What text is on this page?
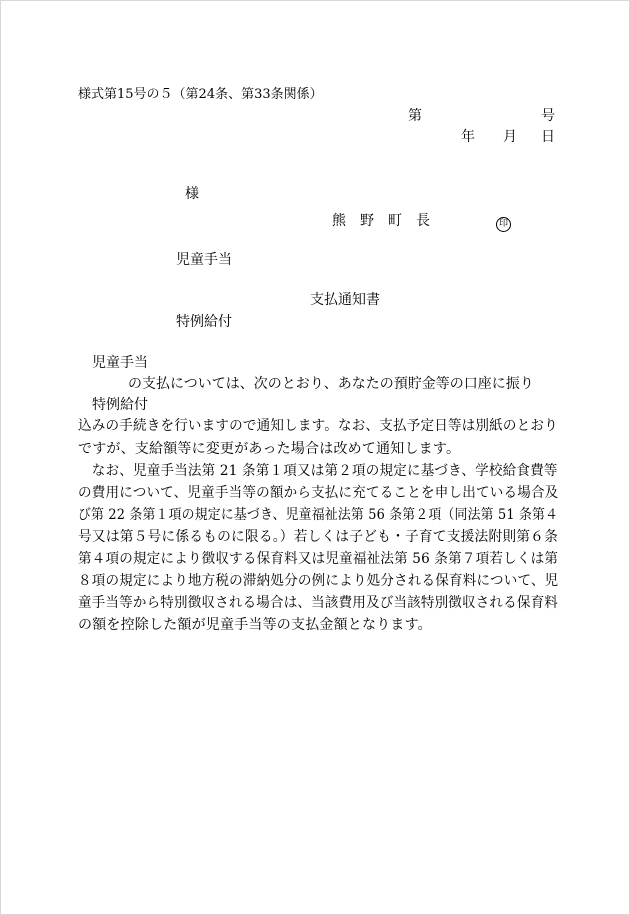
様式第15号の５（第24条、第33条関係）
第	号
年 月 日
様
熊　野　町　長	印
児童手当
支払通知書
特例給付
児童手当
の支払については、次のとおり、あなたの預貯金等の口座に振り
特例給付
込みの手続きを行いますので通知します。なお、支払予定日等は別紙のとおり
ですが、支給額等に変更があった場合は改めて通知します。
　なお、児童手当法第 21 条第１項又は第２項の規定に基づき、学校給食費等
の費用について、児童手当等の額から支払に充てることを申し出ている場合及
び第 22 条第１項の規定に基づき、児童福祉法第 56 条第２項（同法第 51 条第４
号又は第５号に係るものに限る。）若しくは子ども・子育て支援法附則第６条
第４項の規定により徴収する保育料又は児童福祉法第 56 条第７項若しくは第
８項の規定により地方税の滞納処分の例により処分される保育料について、児
童手当等から特別徴収される場合は、当該費用及び当該特別徴収される保育料
の額を控除した額が児童手当等の支払金額となります。
